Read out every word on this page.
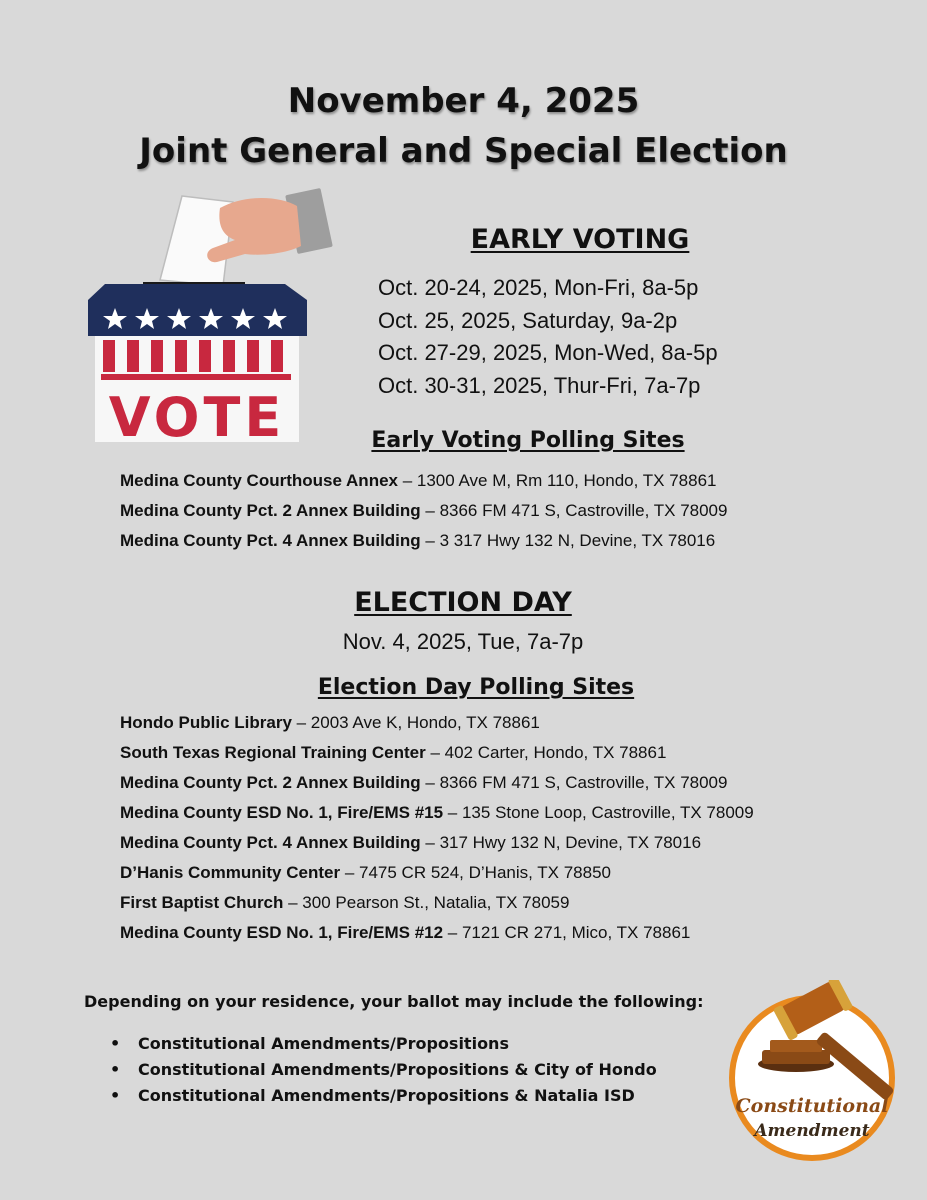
November 4, 2025
Joint General and Special Election
VOTE
EARLY VOTING
Oct. 20-24, 2025, Mon-Fri, 8a-5p
Oct. 25, 2025, Saturday, 9a-2p
Oct. 27-29, 2025, Mon-Wed, 8a-5p
Oct. 30-31, 2025, Thur-Fri, 7a-7p
Early Voting Polling Sites
Medina County Courthouse Annex – 1300 Ave M, Rm 110, Hondo, TX 78861
Medina County Pct. 2 Annex Building – 8366 FM 471 S, Castroville, TX 78009
Medina County Pct. 4 Annex Building – 3 317 Hwy 132 N, Devine, TX 78016
ELECTION DAY
Nov. 4, 2025, Tue, 7a-7p
Election Day Polling Sites
Hondo Public Library – 2003 Ave K, Hondo, TX 78861
South Texas Regional Training Center – 402 Carter, Hondo, TX 78861
Medina County Pct. 2 Annex Building – 8366 FM 471 S, Castroville, TX 78009
Medina County ESD No. 1, Fire/EMS #15 – 135 Stone Loop, Castroville, TX 78009
Medina County Pct. 4 Annex Building – 317 Hwy 132 N, Devine, TX 78016
D’Hanis Community Center – 7475 CR 524, D’Hanis, TX 78850
First Baptist Church – 300 Pearson St., Natalia, TX 78059
Medina County ESD No. 1, Fire/EMS #12 – 7121 CR 271, Mico, TX 78861
Depending on your residence, your ballot may include the following:
• Constitutional Amendments/Propositions
• Constitutional Amendments/Propositions & City of Hondo
• Constitutional Amendments/Propositions & Natalia ISD	Constitutional
Amendment
